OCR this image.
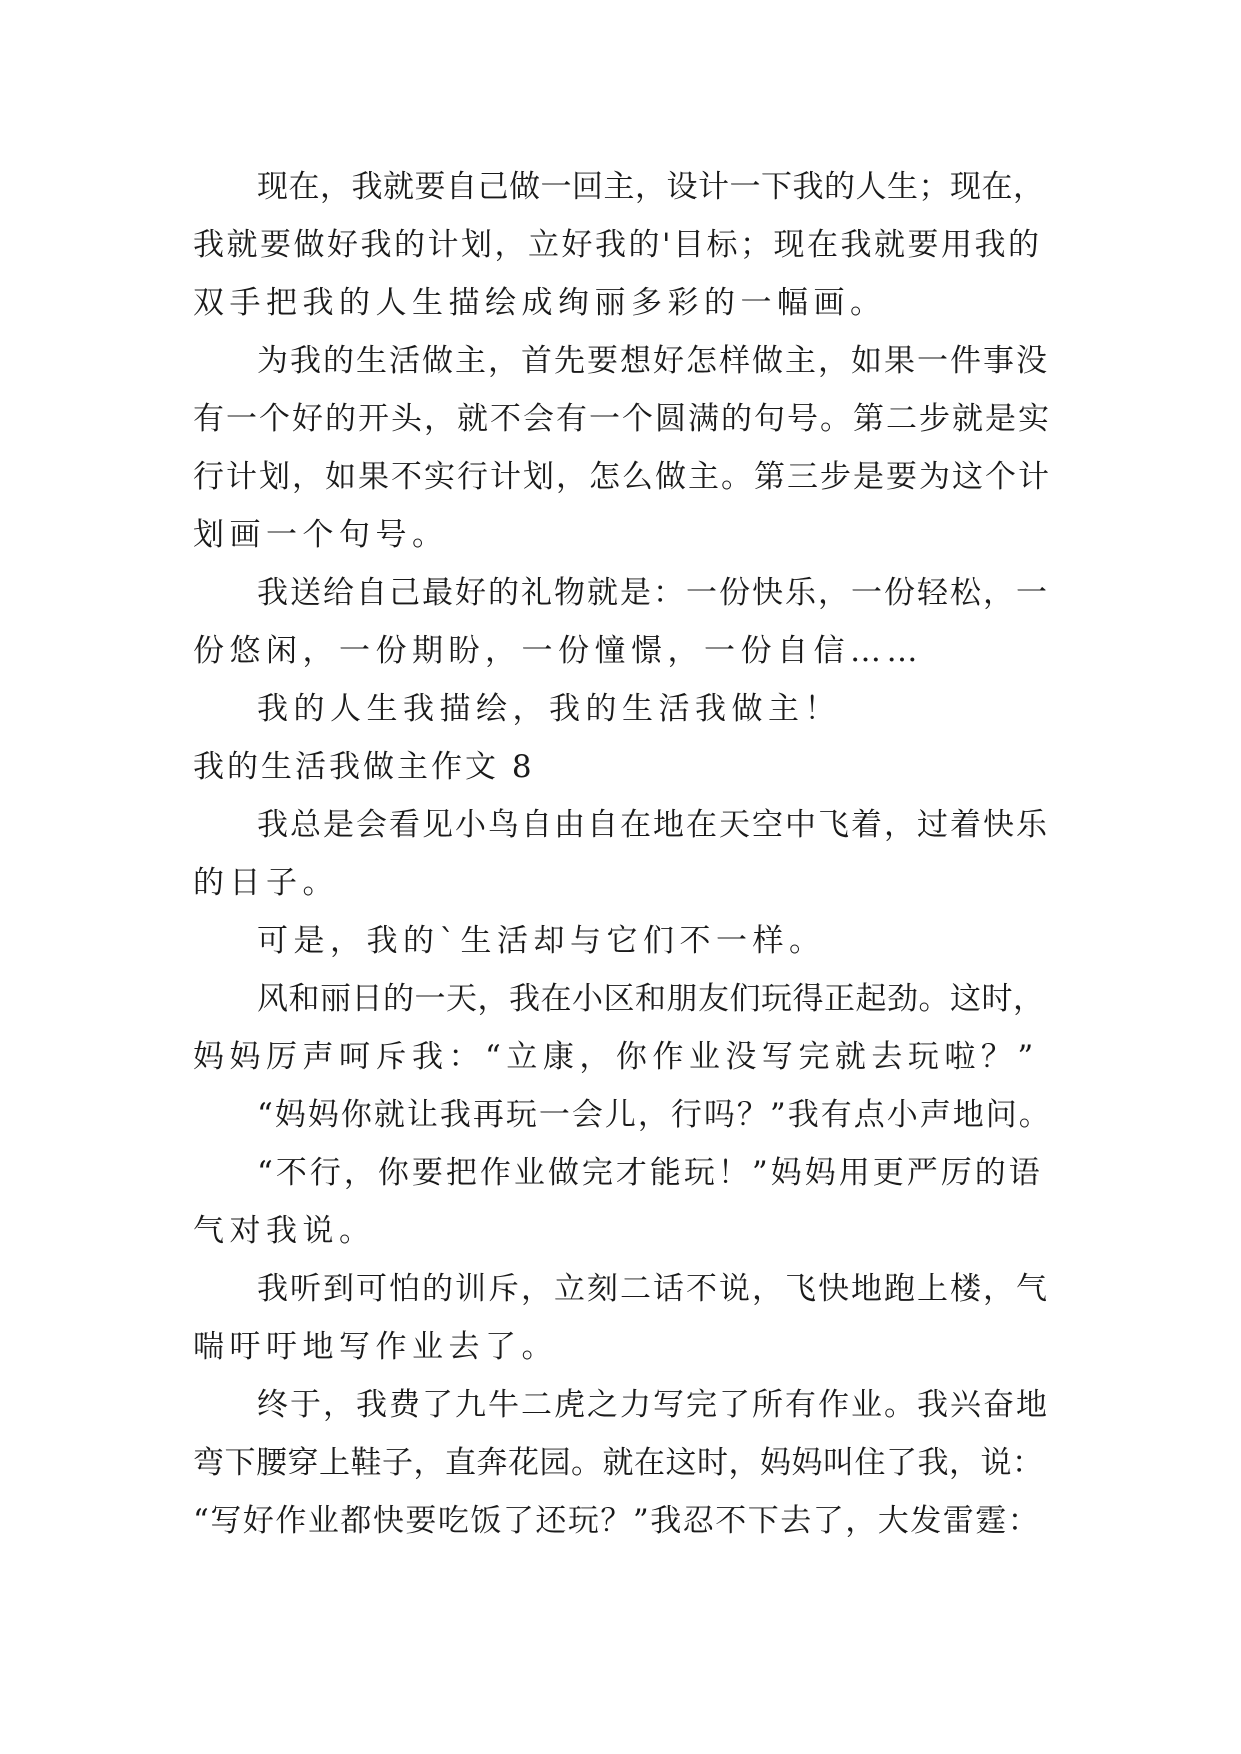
现在，我就要自己做一回主，设计一下我的人生；现在，
我就要做好我的计划，立好我的'目标；现在我就要用我的
双手把我的人生描绘成绚丽多彩的一幅画。
为我的生活做主，首先要想好怎样做主，如果一件事没
有一个好的开头，就不会有一个圆满的句号。第二步就是实
行计划，如果不实行计划，怎么做主。第三步是要为这个计
划画一个句号。
我送给自己最好的礼物就是：一份快乐，一份轻松，一
份悠闲，一份期盼，一份憧憬，一份自信……
我的人生我描绘，我的生活我做主！
我的生活我做主作文 8
我总是会看见小鸟自由自在地在天空中飞着，过着快乐
的日子。
可是，我的`生活却与它们不一样。
风和丽日的一天，我在小区和朋友们玩得正起劲。这时，
妈妈厉声呵斥我：“立康，你作业没写完就去玩啦？”
“妈妈你就让我再玩一会儿，行吗？”我有点小声地问。
“不行，你要把作业做完才能玩！”妈妈用更严厉的语
气对我说。
我听到可怕的训斥，立刻二话不说，飞快地跑上楼，气
喘吁吁地写作业去了。
终于，我费了九牛二虎之力写完了所有作业。我兴奋地
弯下腰穿上鞋子，直奔花园。就在这时，妈妈叫住了我，说：
“写好作业都快要吃饭了还玩？”我忍不下去了，大发雷霆：
